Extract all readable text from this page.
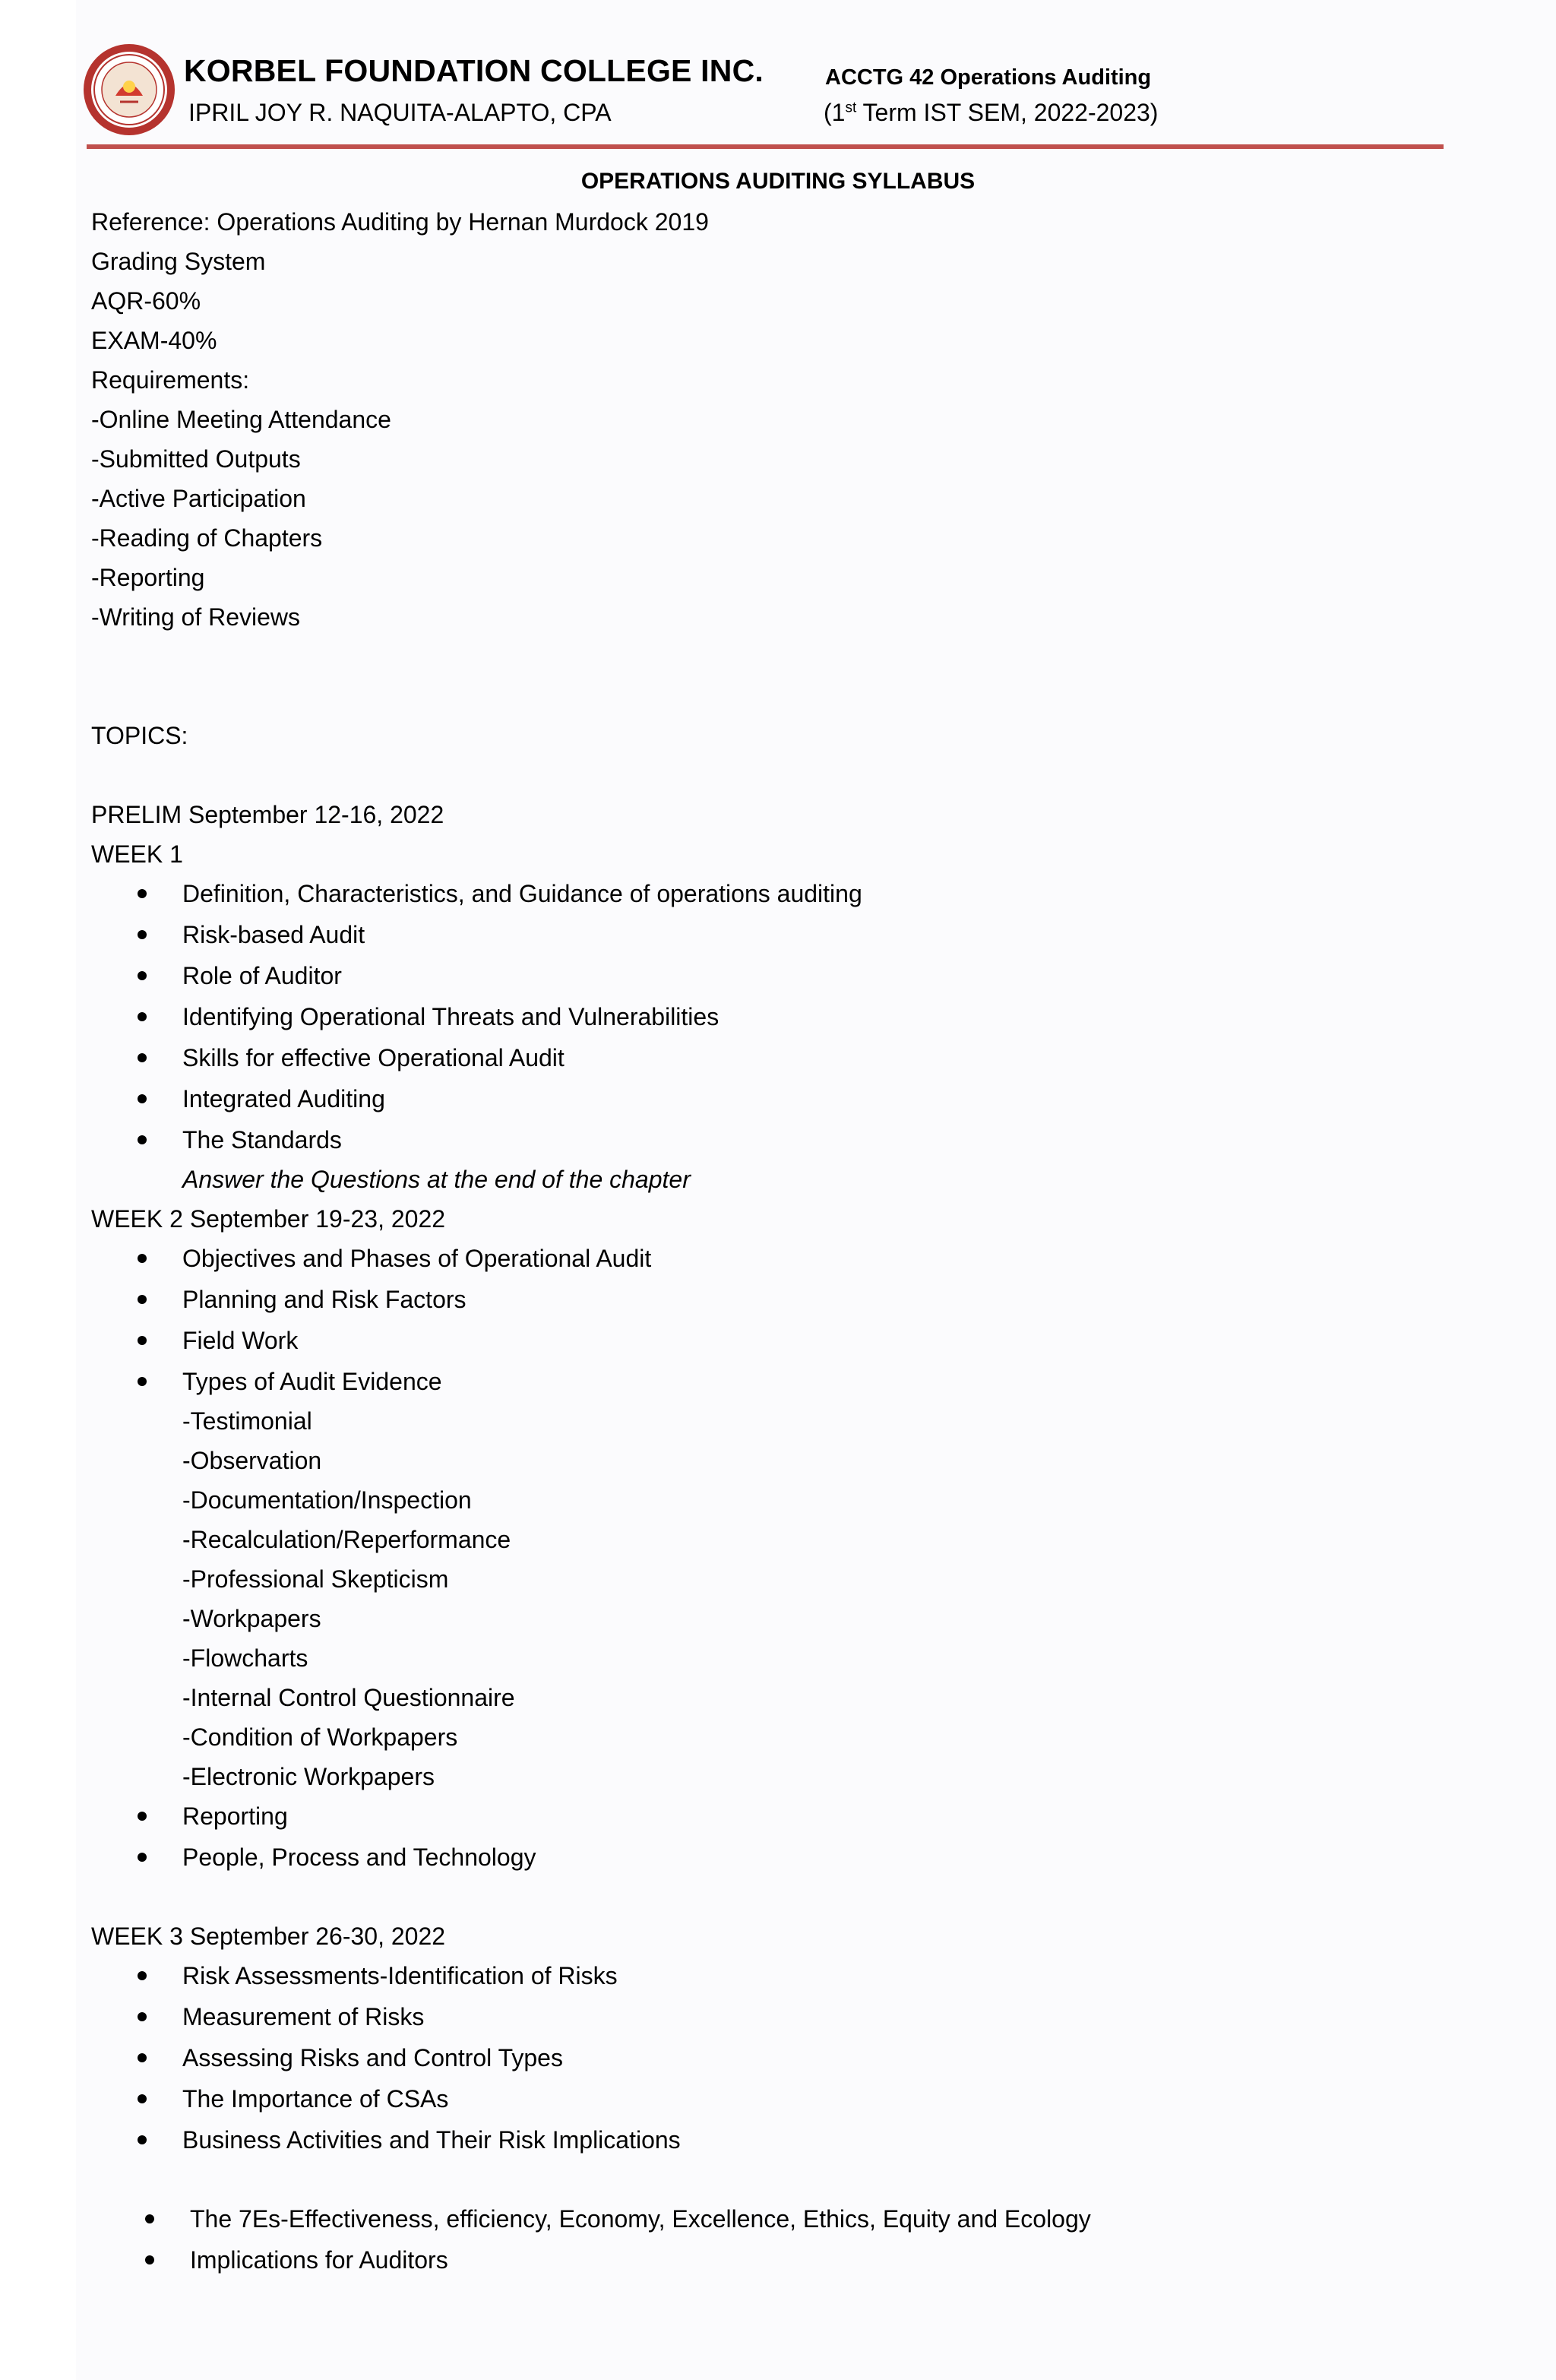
KORBEL FOUNDATION COLLEGE INC.
IPRIL JOY R. NAQUITA-ALAPTO, CPA
ACCTG 42 Operations Auditing
(1st Term IST SEM, 2022-2023)
OPERATIONS AUDITING SYLLABUS
Reference: Operations Auditing by Hernan Murdock 2019
Grading System
AQR-60%
EXAM-40%
Requirements:
-Online Meeting Attendance
-Submitted Outputs
-Active Participation
-Reading of Chapters
-Reporting
-Writing of Reviews
TOPICS:
PRELIM September 12-16, 2022
WEEK 1
Definition, Characteristics, and Guidance of operations auditing
Risk-based Audit
Role of Auditor
Identifying Operational Threats and Vulnerabilities
Skills for effective Operational Audit
Integrated Auditing
The Standards
Answer the Questions at the end of the chapter
WEEK 2 September 19-23, 2022
Objectives and Phases of Operational Audit
Planning and Risk Factors
Field Work
Types of Audit Evidence
-Testimonial
-Observation
-Documentation/Inspection
-Recalculation/Reperformance
-Professional Skepticism
-Workpapers
-Flowcharts
-Internal Control Questionnaire
-Condition of Workpapers
-Electronic Workpapers
Reporting
People, Process and Technology
WEEK 3 September 26-30, 2022
Risk Assessments-Identification of Risks
Measurement of Risks
Assessing Risks and Control Types
The Importance of CSAs
Business Activities and Their Risk Implications
The 7Es-Effectiveness, efficiency, Economy, Excellence, Ethics, Equity and Ecology
Implications for Auditors
